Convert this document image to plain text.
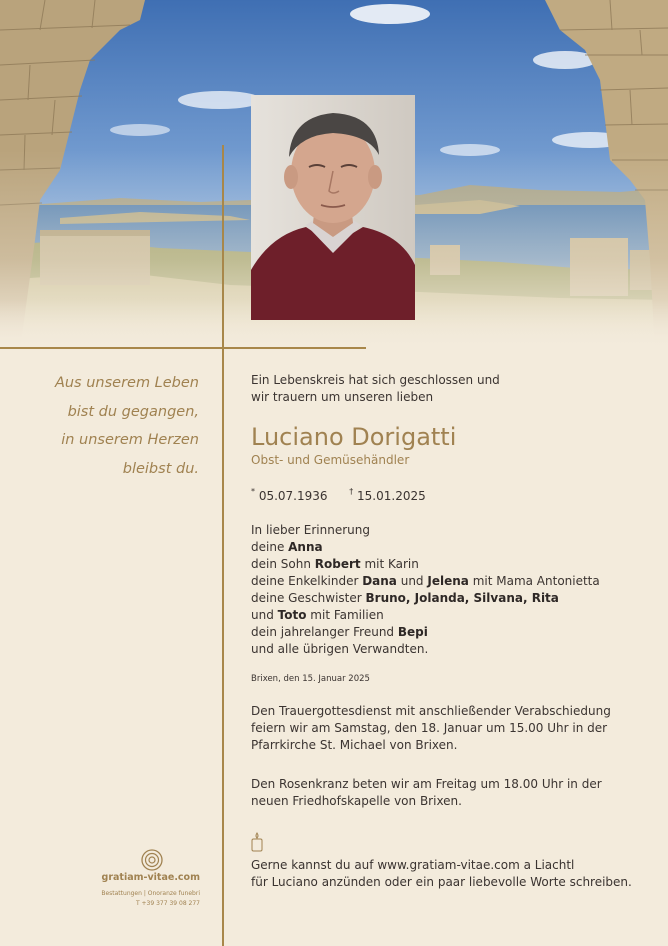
Aus unserem Leben
bist du gegangen,
in unserem Herzen
bleibst du.
Ein Lebenskreis hat sich geschlossen und
wir trauern um unseren lieben
Luciano Dorigatti
Obst- und Gemüsehändler
* 05.07.1936	† 15.01.2025
In lieber Erinnerung
deine Anna
dein Sohn Robert mit Karin
deine Enkelkinder Dana und Jelena mit Mama Antonietta
deine Geschwister Bruno, Jolanda, Silvana, Rita
und Toto mit Familien
dein jahrelanger Freund Bepi
und alle übrigen Verwandten.
Brixen, den 15. Januar 2025
Den Trauergottesdienst mit anschließender Verabschiedung
feiern wir am Samstag, den 18. Januar um 15.00 Uhr in der
Pfarrkirche St. Michael von Brixen.
Den Rosenkranz beten wir am Freitag um 18.00 Uhr in der
neuen Friedhofskapelle von Brixen.
Gerne kannst du auf www.gratiam-vitae.com a Liachtl
für Luciano anzünden oder ein paar liebevolle Worte schreiben.
gratiam-vitae.com
Bestattungen | Onoranze funebri
T +39 377 39 08 277
